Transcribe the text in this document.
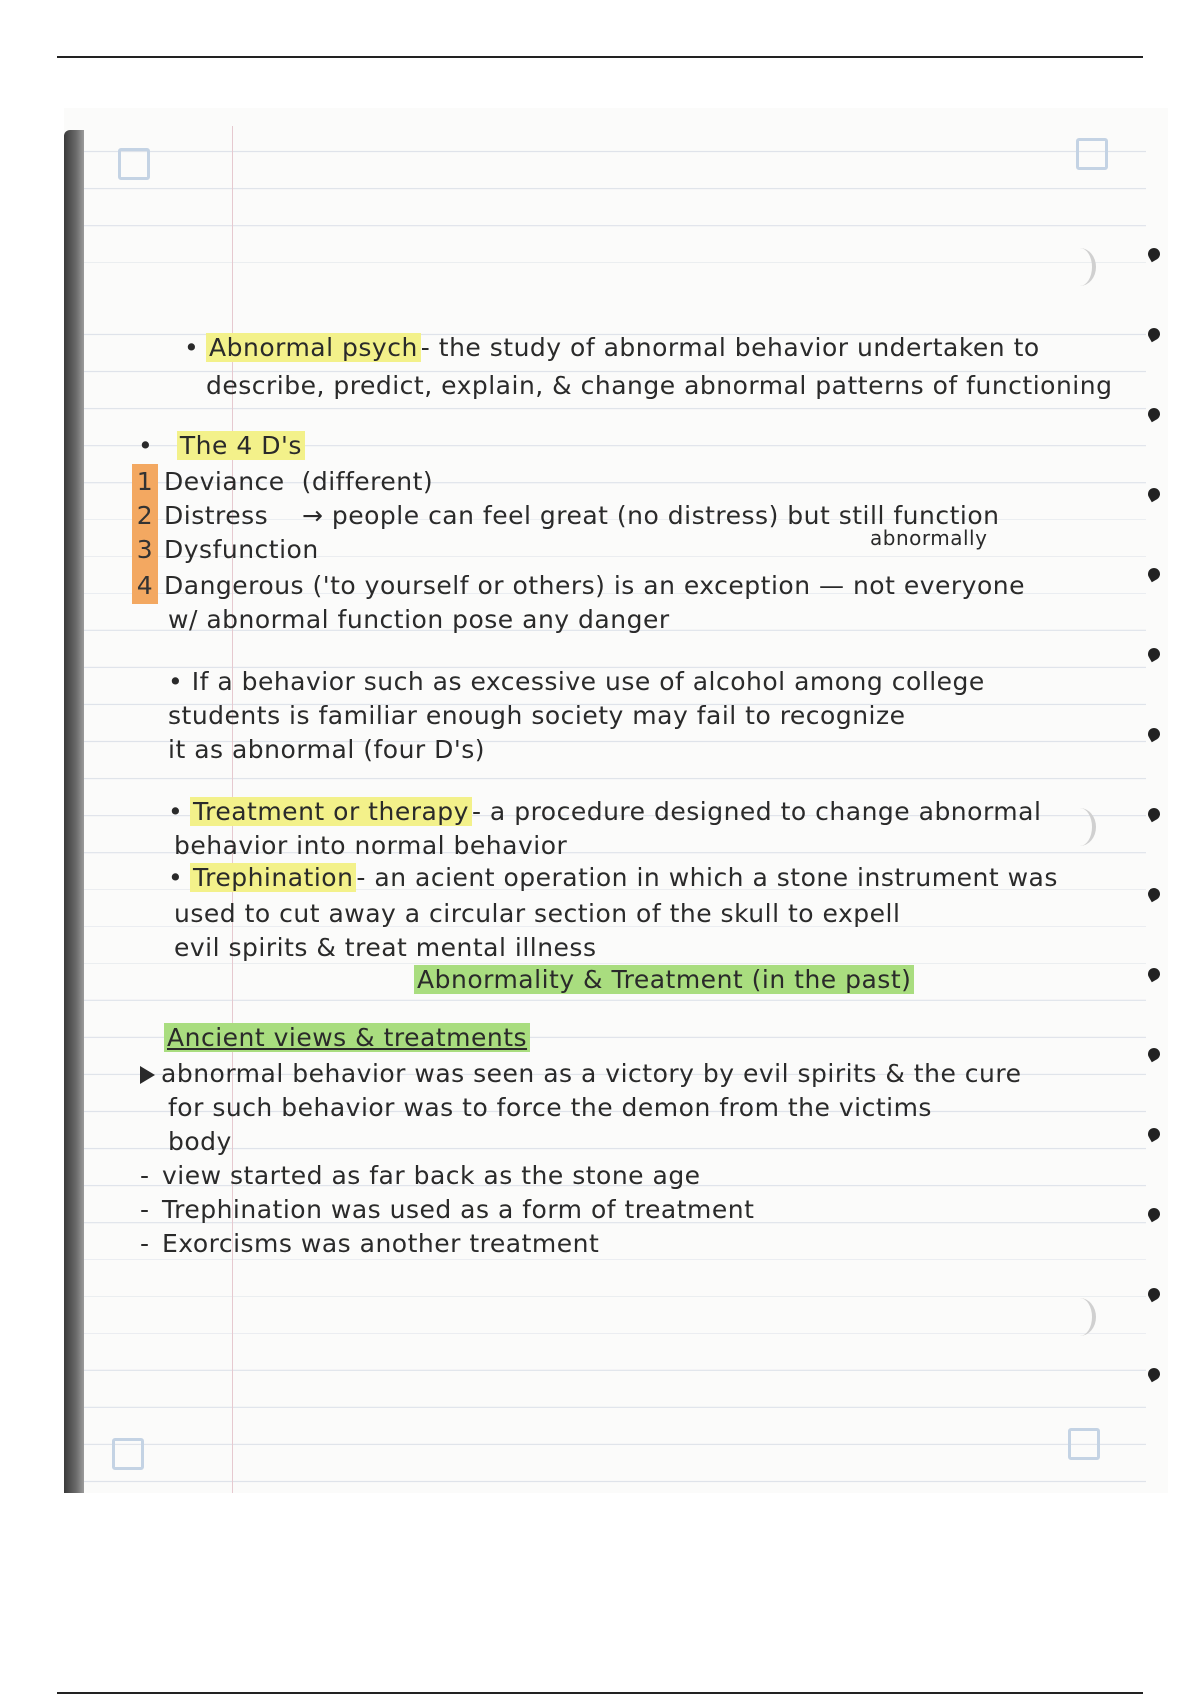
• Abnormal psych - the study of abnormal behavior undertaken to
describe, predict, explain, & change abnormal patterns of functioning
• The 4 D's
1 Deviance (different)
2 Distress → people can feel great (no distress) but still function
abnormally
3 Dysfunction
4 Dangerous ('to yourself or others) is an exception — not everyone
w/ abnormal function pose any danger
• If a behavior such as excessive use of alcohol among college
students is familiar enough society may fail to recognize
it as abnormal (four D's)
• Treatment or therapy - a procedure designed to change abnormal
behavior into normal behavior
• Trephination - an acient operation in which a stone instrument was
used to cut away a circular section of the skull to expell
evil spirits & treat mental illness
Abnormality & Treatment (in the past)
Ancient views & treatments
abnormal behavior was seen as a victory by evil spirits & the cure
for such behavior was to force the demon from the victims
body
- view started as far back as the stone age
- Trephination was used as a form of treatment
- Exorcisms was another treatment
